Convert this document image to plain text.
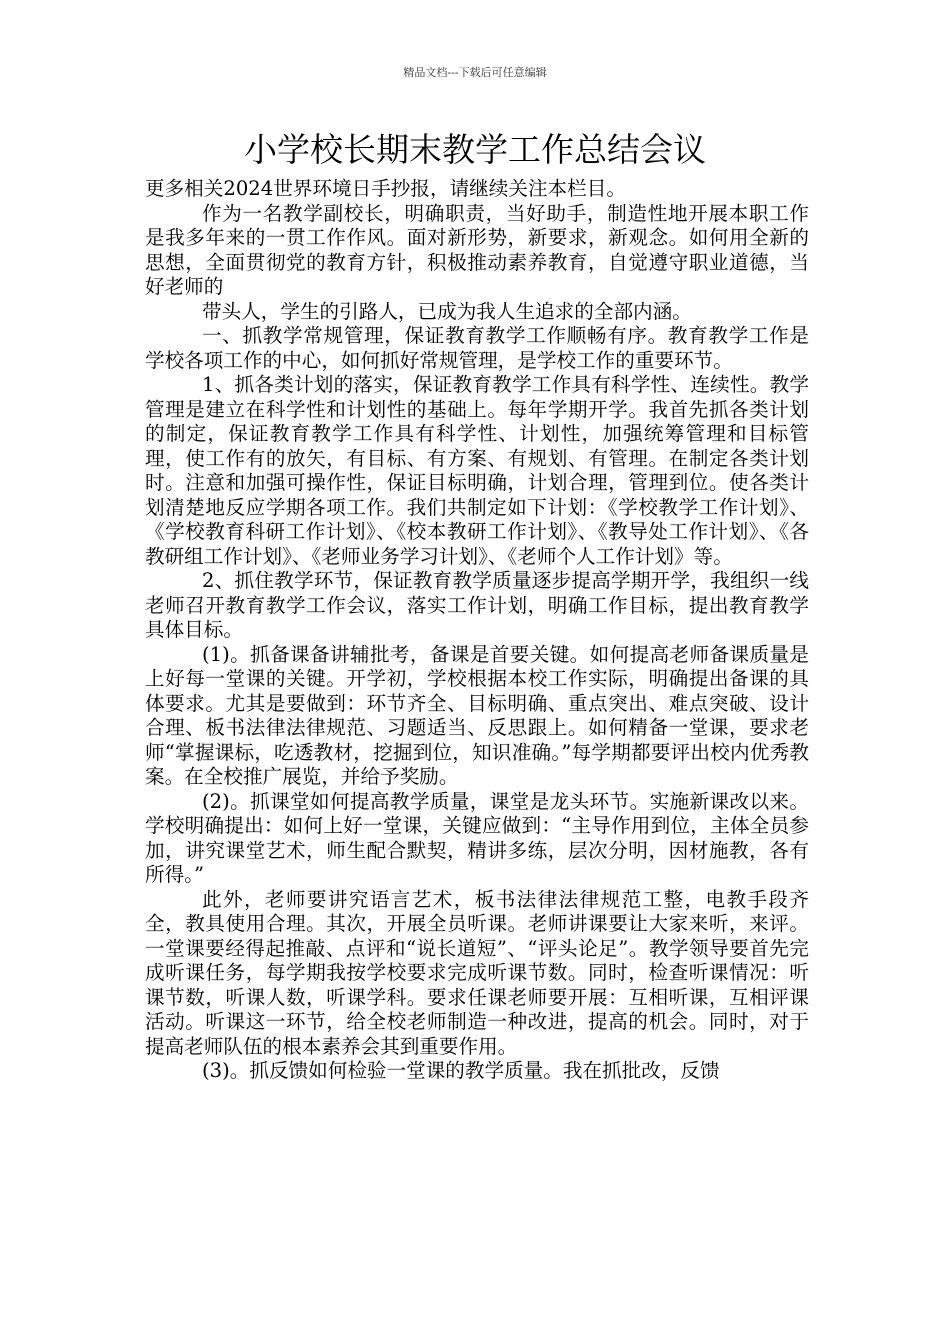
精品文档---下载后可任意编辑
小学校长期末教学工作总结会议

更多相关2024世界环境日手抄报，请继续关注本栏目。

作为一名教学副校长，明确职责，当好助手，制造性地开展本职工作是我多年来的一贯工作作风。面对新形势，新要求，新观念。如何用全新的思想，全面贯彻党的教育方针，积极推动素养教育，自觉遵守职业道德，当好老师的

带头人，学生的引路人，已成为我人生追求的全部内涵。

一、抓教学常规管理，保证教育教学工作顺畅有序。教育教学工作是学校各项工作的中心，如何抓好常规管理，是学校工作的重要环节。

1、抓各类计划的落实，保证教育教学工作具有科学性、连续性。教学管理是建立在科学性和计划性的基础上。每年学期开学。我首先抓各类计划的制定，保证教育教学工作具有科学性、计划性，加强统筹管理和目标管理，使工作有的放矢，有目标、有方案、有规划、有管理。在制定各类计划时。注意和加强可操作性，保证目标明确，计划合理，管理到位。使各类计划清楚地反应学期各项工作。我们共制定如下计划：《学校教学工作计划》、《学校教育科研工作计划》、《校本教研工作计划》、《教导处工作计划》、《各教研组工作计划》、《老师业务学习计划》、《老师个人工作计划》等。

2、抓住教学环节，保证教育教学质量逐步提高学期开学，我组织一线老师召开教育教学工作会议，落实工作计划，明确工作目标，提出教育教学具体目标。

(1)。抓备课备讲辅批考，备课是首要关键。如何提高老师备课质量是上好每一堂课的关键。开学初，学校根据本校工作实际，明确提出备课的具体要求。尤其是要做到：环节齐全、目标明确、重点突出、难点突破、设计合理、板书法律法律规范、习题适当、反思跟上。如何精备一堂课，要求老师“掌握课标，吃透教材，挖掘到位，知识准确。”每学期都要评出校内优秀教案。在全校推广展览，并给予奖励。

(2)。抓课堂如何提高教学质量，课堂是龙头环节。实施新课改以来。学校明确提出：如何上好一堂课，关键应做到：“主导作用到位，主体全员参加，讲究课堂艺术，师生配合默契，精讲多练，层次分明，因材施教，各有所得。”

此外，老师要讲究语言艺术，板书法律法律规范工整，电教手段齐全，教具使用合理。其次，开展全员听课。老师讲课要让大家来听，来评。一堂课要经得起推敲、点评和“说长道短”、“评头论足”。教学领导要首先完成听课任务，每学期我按学校要求完成听课节数。同时，检查听课情况：听课节数，听课人数，听课学科。要求任课老师要开展：互相听课，互相评课活动。听课这一环节，给全校老师制造一种改进，提高的机会。同时，对于提高老师队伍的根本素养会其到重要作用。

(3)。抓反馈如何检验一堂课的教学质量。我在抓批改，反馈
